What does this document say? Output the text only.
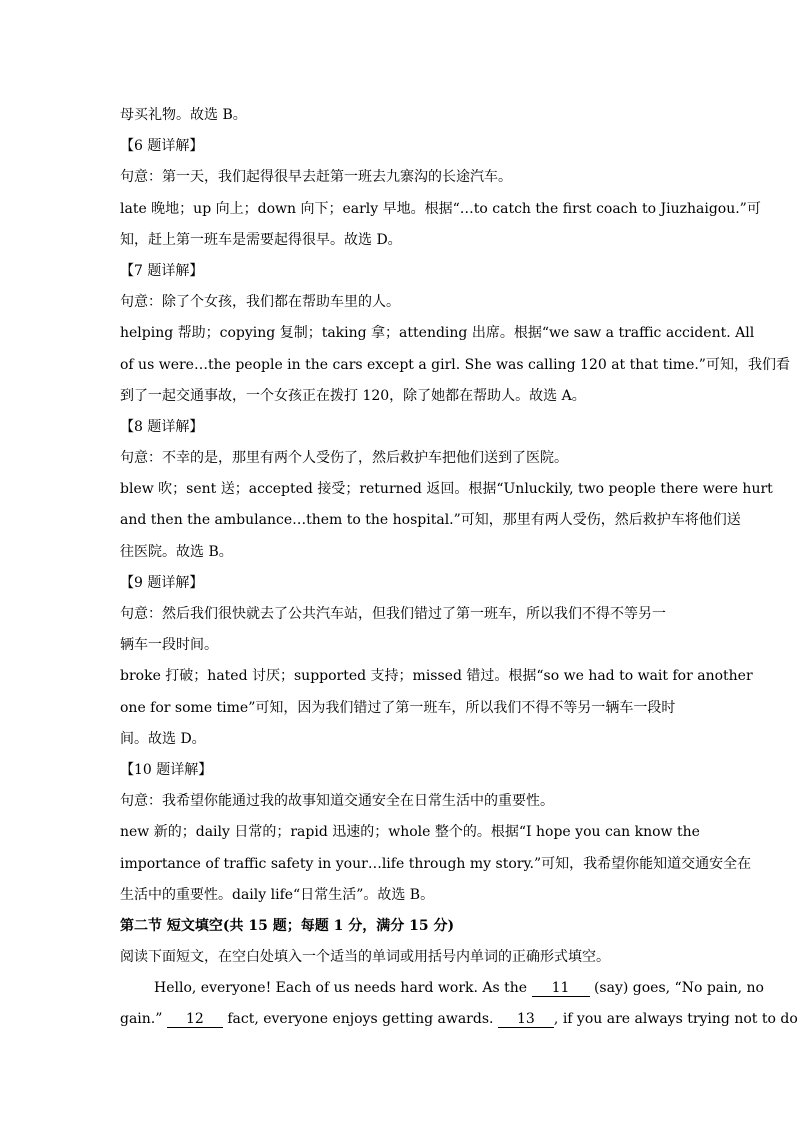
母买礼物。故选 B。
【6 题详解】
句意：第一天，我们起得很早去赶第一班去九寨沟的长途汽车。
late 晚地；up 向上；down 向下；early 早地。根据“…to catch the first coach to Jiuzhaigou.”可
知，赶上第一班车是需要起得很早。故选 D。
【7 题详解】
句意：除了个女孩，我们都在帮助车里的人。
helping 帮助；copying 复制；taking 拿；attending 出席。根据“we saw a traffic accident. All
of us were…the people in the cars except a girl. She was calling 120 at that time.”可知，我们看
到了一起交通事故，一个女孩正在拨打 120，除了她都在帮助人。故选 A。
【8 题详解】
句意：不幸的是，那里有两个人受伤了，然后救护车把他们送到了医院。
blew 吹；sent 送；accepted 接受；returned 返回。根据“Unluckily, two people there were hurt
and then the ambulance…them to the hospital.”可知，那里有两人受伤，然后救护车将他们送
往医院。故选 B。
【9 题详解】
句意：然后我们很快就去了公共汽车站，但我们错过了第一班车，所以我们不得不等另一
辆车一段时间。
broke 打破；hated 讨厌；supported 支持；missed 错过。根据“so we had to wait for another
one for some time”可知，因为我们错过了第一班车，所以我们不得不等另一辆车一段时
间。故选 D。
【10 题详解】
句意：我希望你能通过我的故事知道交通安全在日常生活中的重要性。
new 新的；daily 日常的；rapid 迅速的；whole 整个的。根据“I hope you can know the
importance of traffic safety in your…life through my story.”可知，我希望你能知道交通安全在
生活中的重要性。daily life“日常生活”。故选 B。
第二节 短文填空(共 15 题；每题 1 分，满分 15 分)
阅读下面短文，在空白处填入一个适当的单词或用括号内单词的正确形式填空。
Hello, everyone! Each of us needs hard work. As the 11 (say) goes, “No pain, no
gain.” 12 fact, everyone enjoys getting awards. 13 , if you are always trying not to do
